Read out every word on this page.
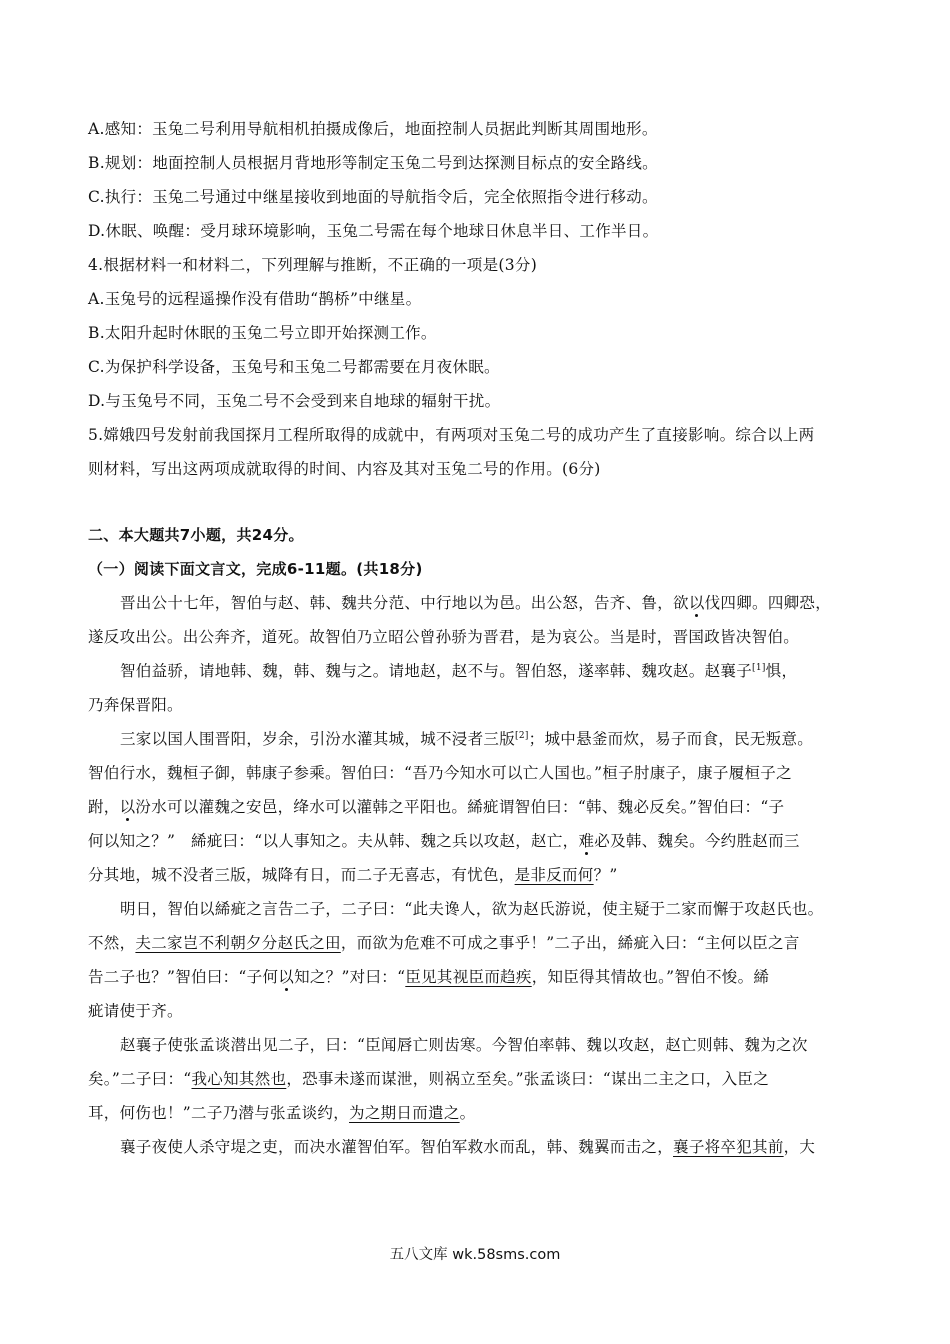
A.感知：玉兔二号利用导航相机拍摄成像后，地面控制人员据此判断其周围地形。
B.规划：地面控制人员根据月背地形等制定玉兔二号到达探测目标点的安全路线。
C.执行：玉兔二号通过中继星接收到地面的导航指令后，完全依照指令进行移动。
D.休眠、唤醒：受月球环境影响，玉兔二号需在每个地球日休息半日、工作半日。
4.根据材料一和材料二，下列理解与推断，不正确的一项是(3分)
A.玉兔号的远程遥操作没有借助“鹊桥”中继星。
B.太阳升起时休眠的玉兔二号立即开始探测工作。
C.为保护科学设备，玉兔号和玉兔二号都需要在月夜休眠。
D.与玉兔号不同，玉兔二号不会受到来自地球的辐射干扰。
5.嫦娥四号发射前我国探月工程所取得的成就中，有两项对玉兔二号的成功产生了直接影响。综合以上两
则材料，写出这两项成就取得的时间、内容及其对玉兔二号的作用。(6分)
二、本大题共7小题，共24分。
（一）阅读下面文言文，完成6-11题。(共18分)
晋出公十七年，智伯与赵、韩、魏共分范、中行地以为邑。出公怒，告齐、鲁，欲以伐四卿。四卿恐，
遂反攻出公。出公奔齐，道死。故智伯乃立昭公曾孙骄为晋君，是为哀公。当是时，晋国政皆决智伯。
智伯益骄，请地韩、魏，韩、魏与之。请地赵，赵不与。智伯怒，遂率韩、魏攻赵。赵襄子[1]惧，
乃奔保晋阳。
三家以国人围晋阳，岁余，引汾水灌其城，城不浸者三版[2]；城中悬釜而炊，易子而食，民无叛意。
智伯行水，魏桓子御，韩康子参乘。智伯曰：“吾乃今知水可以亡人国也。”桓子肘康子，康子履桓子之
跗，以汾水可以灌魏之安邑，绛水可以灌韩之平阳也。絺疵谓智伯曰：“韩、魏必反矣。”智伯曰：“子
何以知之？”　絺疵曰：“以人事知之。夫从韩、魏之兵以攻赵，赵亡，难必及韩、魏矣。今约胜赵而三
分其地，城不没者三版，城降有日，而二子无喜志，有忧色，是非反而何？”
明日，智伯以絺疵之言告二子，二子曰：“此夫谗人，欲为赵氏游说，使主疑于二家而懈于攻赵氏也。
不然，夫二家岂不利朝夕分赵氏之田，而欲为危难不可成之事乎！”二子出，絺疵入曰：“主何以臣之言
告二子也？”智伯曰：“子何以知之？”对曰：“臣见其视臣而趋疾，知臣得其情故也。”智伯不悛。絺
疵请使于齐。
赵襄子使张孟谈潜出见二子，曰：“臣闻唇亡则齿寒。今智伯率韩、魏以攻赵，赵亡则韩、魏为之次
矣。”二子曰：“我心知其然也，恐事未遂而谋泄，则祸立至矣。”张孟谈曰：“谋出二主之口，入臣之
耳，何伤也！”二子乃潜与张孟谈约，为之期日而遣之。
襄子夜使人杀守堤之吏，而决水灌智伯军。智伯军救水而乱，韩、魏翼而击之，襄子将卒犯其前，大
五八文库 wk.58sms.com
